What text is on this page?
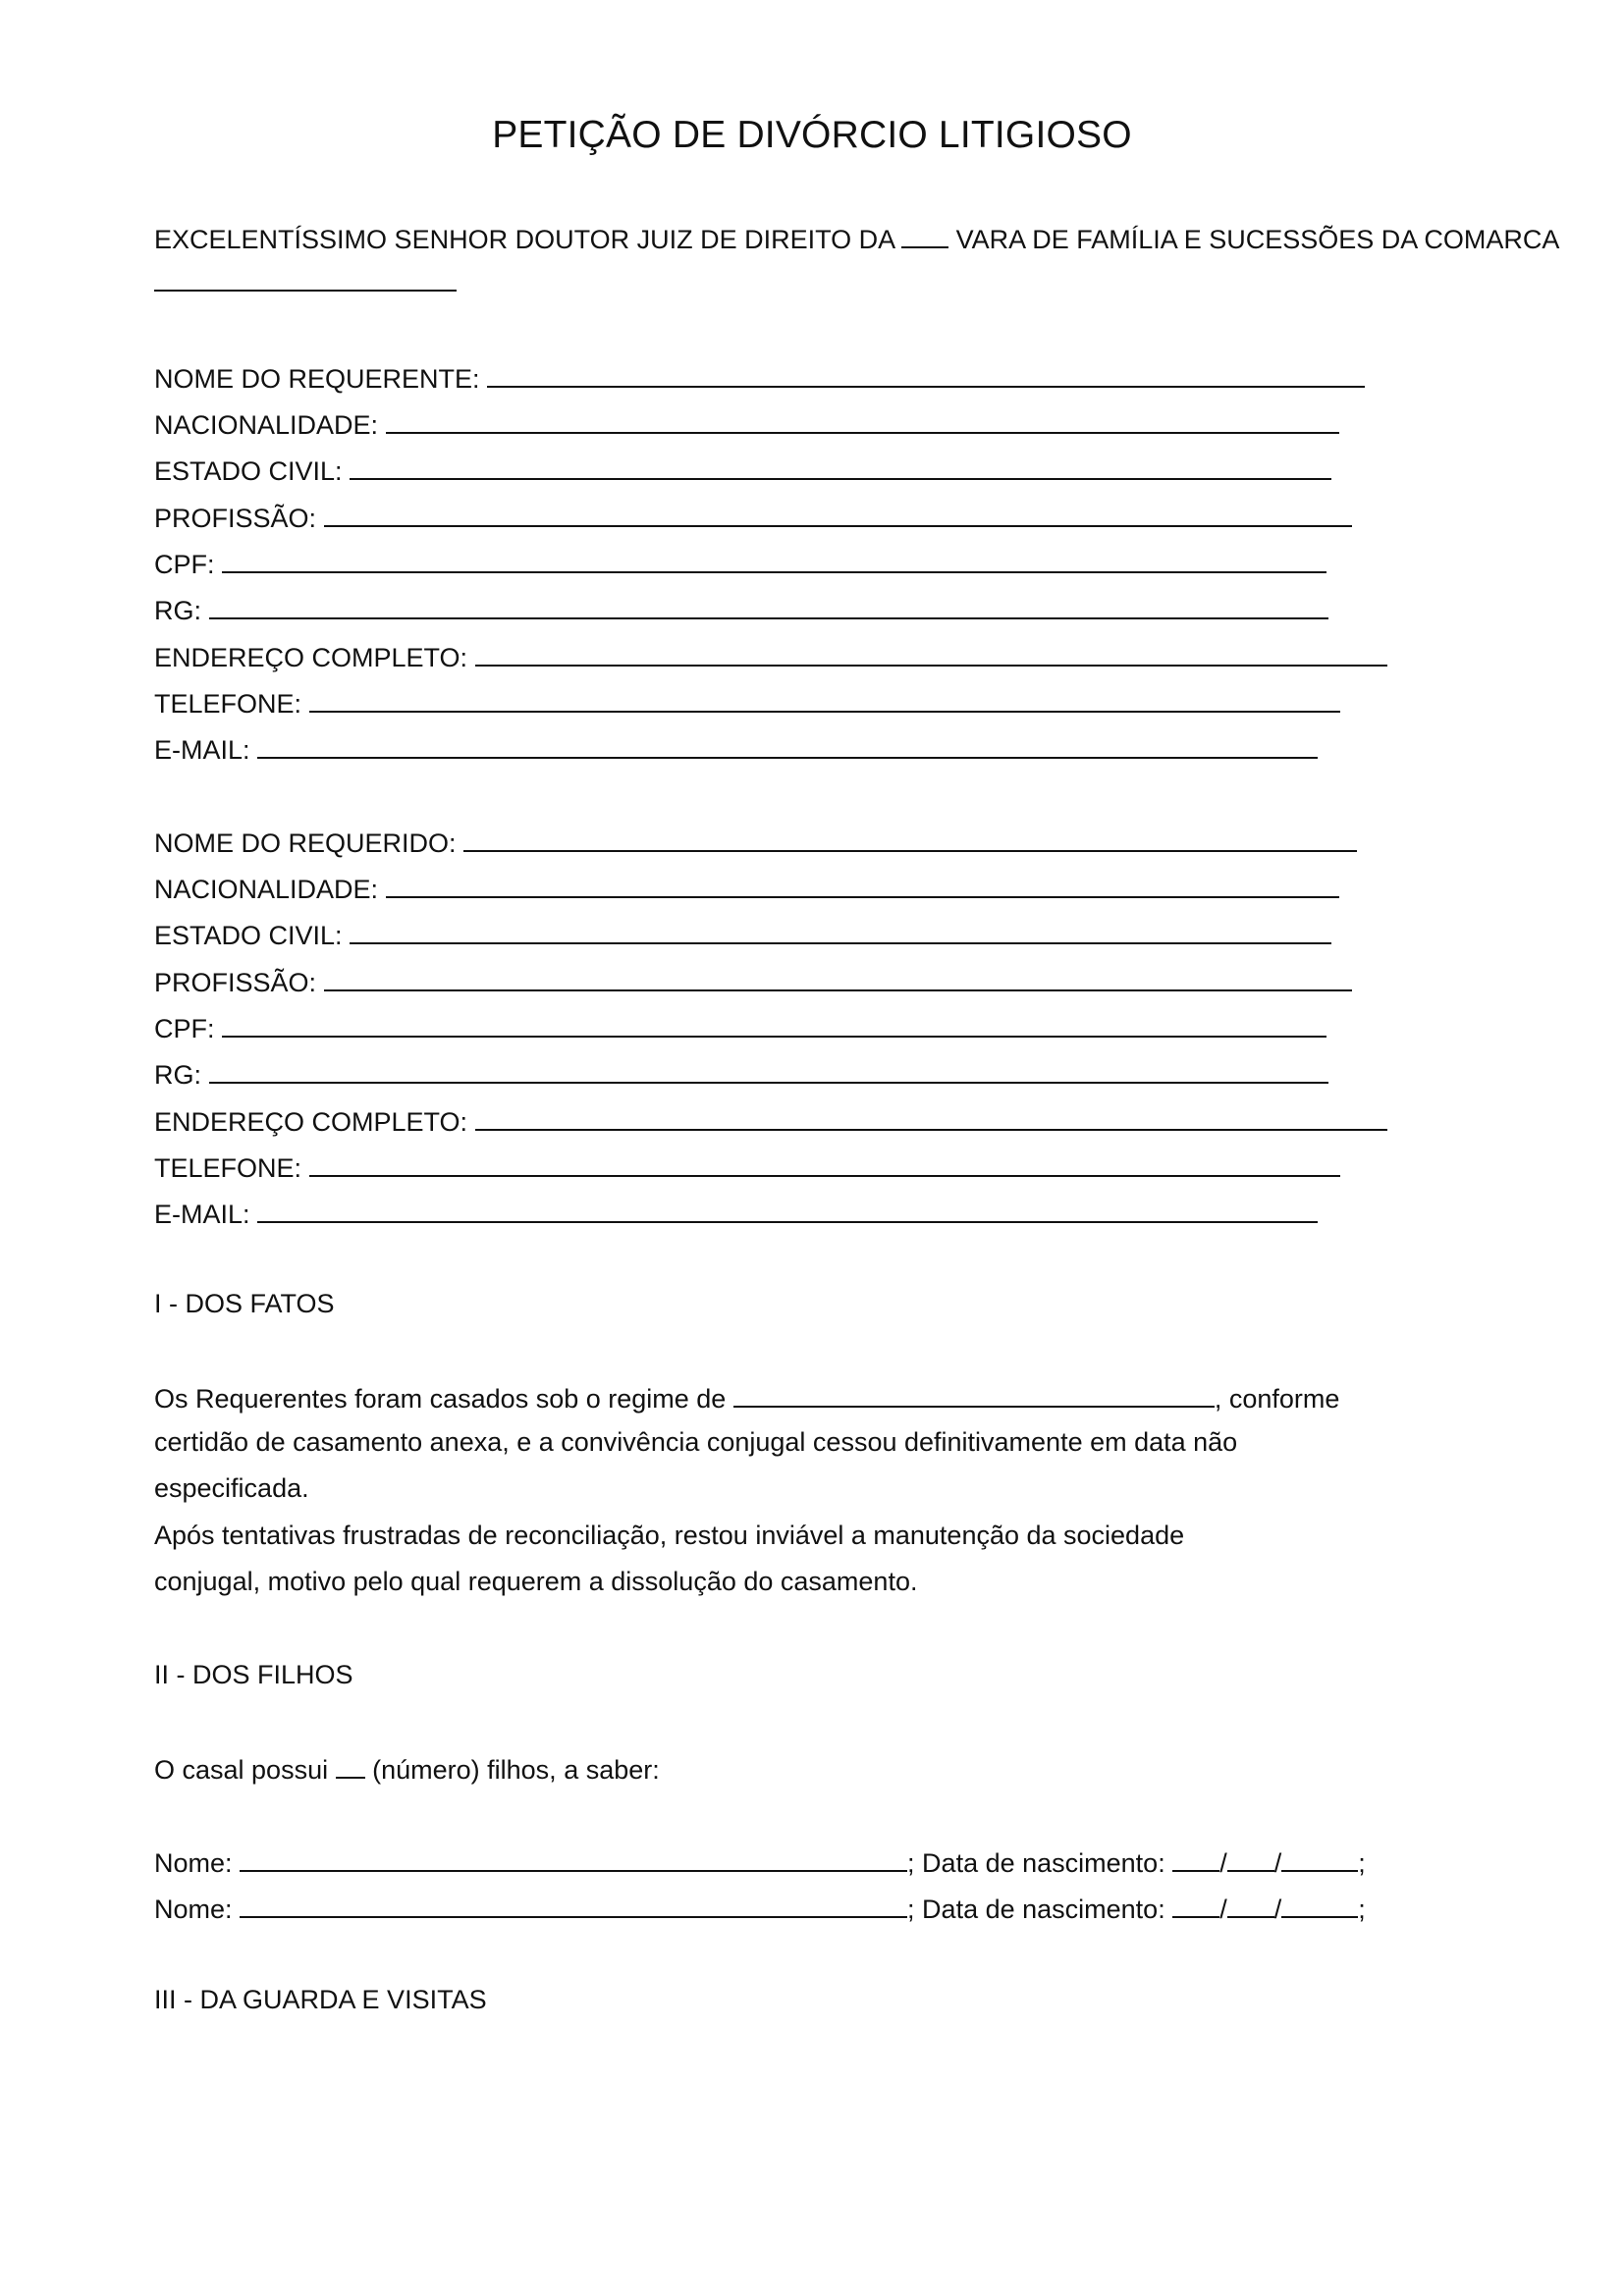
PETIÇÃO DE DIVÓRCIO LITIGIOSO
EXCELENTÍSSIMO SENHOR DOUTOR JUIZ DE DIREITO DA VARA DE FAMÍLIA E SUCESSÕES DA COMARCA
NOME DO REQUERENTE:
NACIONALIDADE:
ESTADO CIVIL:
PROFISSÃO:
CPF:
RG:
ENDEREÇO COMPLETO:
TELEFONE:
E-MAIL:
NOME DO REQUERIDO:
NACIONALIDADE:
ESTADO CIVIL:
PROFISSÃO:
CPF:
RG:
ENDEREÇO COMPLETO:
TELEFONE:
E-MAIL:
I - DOS FATOS
Os Requerentes foram casados sob o regime de	, conforme
certidão de casamento anexa, e a convivência conjugal cessou definitivamente em data não
especificada.
Após tentativas frustradas de reconciliação, restou inviável a manutenção da sociedade
conjugal, motivo pelo qual requerem a dissolução do casamento.
II - DOS FILHOS
O casal possui (número) filhos, a saber:
Nome:	; Data de nascimento: / /	;
Nome:	; Data de nascimento: / /	;
III - DA GUARDA E VISITAS
